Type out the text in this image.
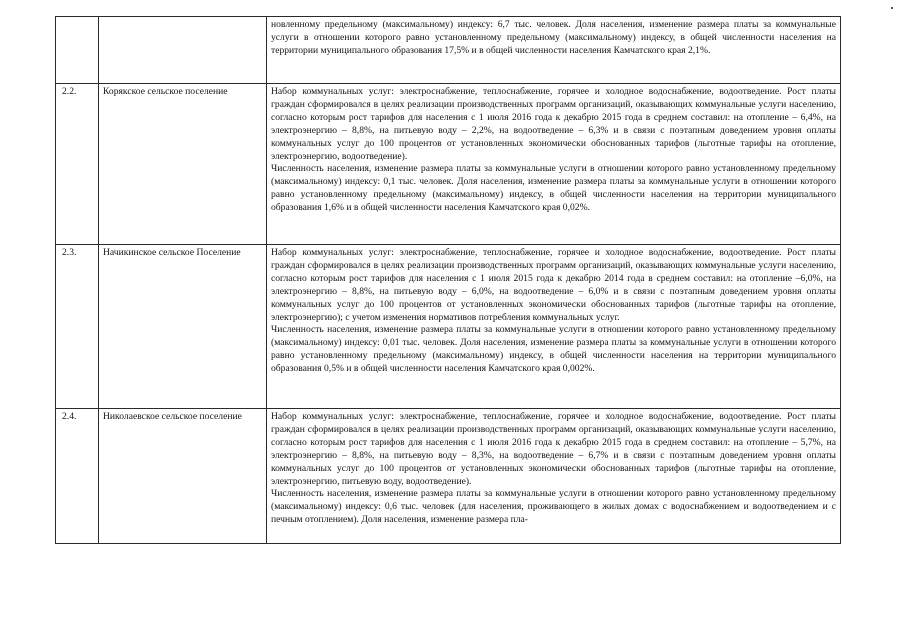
		новленному предельному (максимальному) индексу: 6,7 тыс. человек. Доля населения, изменение размера платы за коммунальные услуги в отношении которого равно установленному предельному (максимальному) индексу, в общей численности населения на территории муниципального образования 17,5% и в общей численности населения Камчатского края 2,1%.

2.2.	Корякское сельское поселение	Набор коммунальных услуг: электроснабжение, теплоснабжение, горячее и холодное водоснабжение, водоотведение. Рост платы граждан сформировался в целях реализации производственных программ организаций, оказывающих коммунальные услуги населению, согласно которым рост тарифов для населения с 1 июля 2016 года к декабрю 2015 года в среднем составил: на отопление – 6,4%, на электроэнергию – 8,8%, на питьевую воду – 2,2%, на водоотведение – 6,3% и в связи с поэтапным доведением уровня оплаты коммунальных услуг до 100 процентов от установленных экономически обоснованных тарифов (льготные тарифы на отопление, электроэнергию, водоотведение).
Численность населения, изменение размера платы за коммунальные услуги в отношении которого равно установленному предельному (максимальному) индексу: 0,1 тыс. человек. Доля населения, изменение размера платы за коммунальные услуги в отношении которого равно установленному предельному (максимальному) индексу, в общей численности населения на территории муниципального образования 1,6% и в общей численности населения Камчатского края 0,02%.

2.3.	Начикинское сельское Поселение	Набор коммунальных услуг: электроснабжение, теплоснабжение, горячее и холодное водоснабжение, водоотведение. Рост платы граждан сформировался в целях реализации производственных программ организаций, оказывающих коммунальные услуги населению, согласно которым рост тарифов для населения с 1 июля 2015 года к декабрю 2014 года в среднем составил: на отопление –6,0%, на электроэнергию – 8,8%, на питьевую воду – 6,0%, на водоотведение – 6,0% и в связи с поэтапным доведением уровня оплаты коммунальных услуг до 100 процентов от установленных экономически обоснованных тарифов (льготные тарифы на отопление, электроэнергию); с учетом изменения нормативов потребления коммунальных услуг.
Численность населения, изменение размера платы за коммунальные услуги в отношении которого равно установленному предельному (максимальному) индексу: 0,01 тыс. человек. Доля населения, изменение размера платы за коммунальные услуги в отношении которого равно установленному предельному (максимальному) индексу, в общей численности населения на территории муниципального образования 0,5% и в общей численности населения Камчатского края 0,002%.

2.4.	Николаевское сельское поселение	Набор коммунальных услуг: электроснабжение, теплоснабжение, горячее и холодное водоснабжение, водоотведение. Рост платы граждан сформировался в целях реализации производственных программ организаций, оказывающих коммунальные услуги населению, согласно которым рост тарифов для населения с 1 июля 2016 года к декабрю 2015 года в среднем составил: на отопление – 5,7%, на электроэнергию – 8,8%, на питьевую воду – 8,3%, на водоотведение – 6,7% и в связи с поэтапным доведением уровня оплаты коммунальных услуг до 100 процентов от установленных экономически обоснованных тарифов (льготные тарифы на отопление, электроэнергию, питьевую воду, водоотведение).
Численность населения, изменение размера платы за коммунальные услуги в отношении которого равно установленному предельному (максимальному) индексу: 0,6 тыс. человек (для населения, проживающего в жилых домах с водоснабжением и водоотведением и с печным отоплением). Доля населения, изменение размера пла-
